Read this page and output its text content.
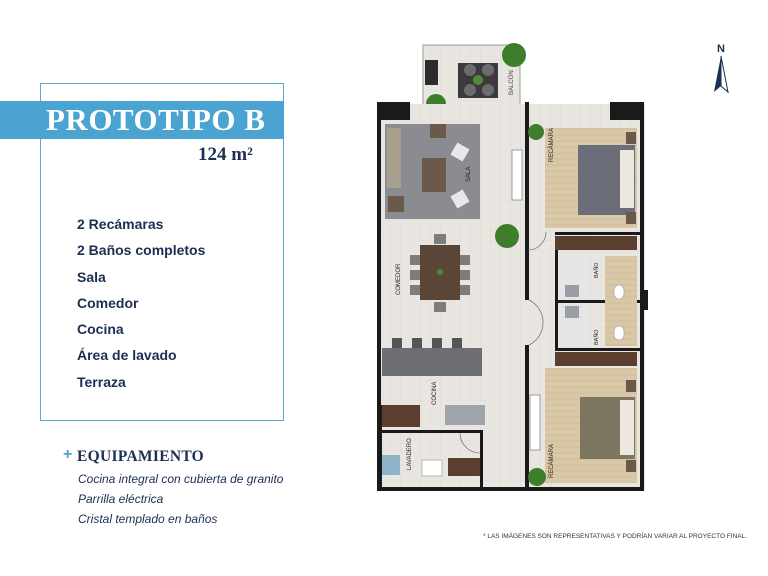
PROTOTIPO B
124 m²
2 Recámaras
2 Baños completos
Sala
Comedor
Cocina
Área de lavado
Terraza
+ EQUIPAMIENTO
Cocina integral con cubierta de granito
Parrilla eléctrica
Cristal templado en baños
* LAS IMÁGENES SON REPRESENTATIVAS Y PODRÍAN VARIAR AL PROYECTO FINAL.
N
BALCÓN
SALA
COMEDOR
COCINA
LAVADERO
RECÁMARA
BAÑO
BAÑO
RECÁMARA
